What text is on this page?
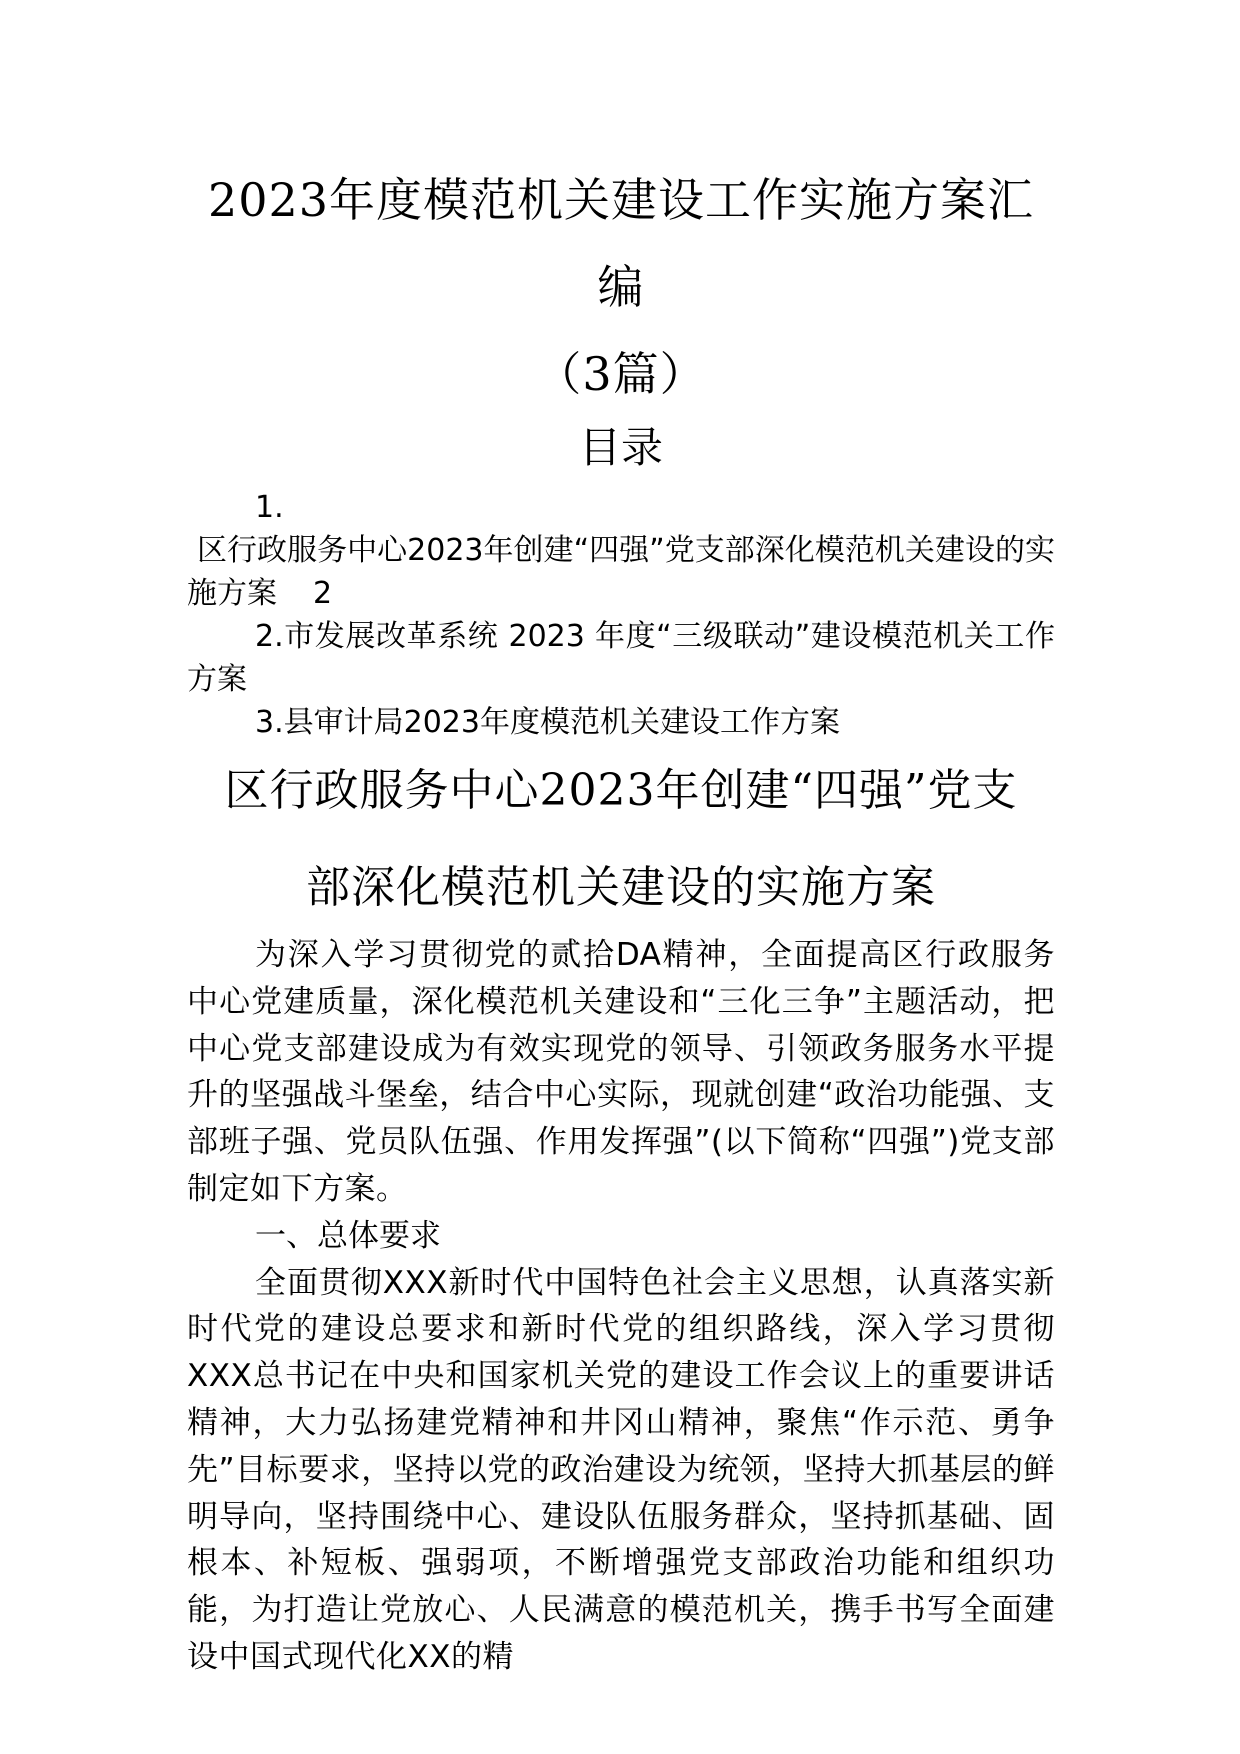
2023年度模范机关建设工作实施方案汇编

（3篇）

目录

1.

区行政服务中心2023年创建“四强”党支部深化模范机关建设的实施方案 2

2.市发展改革系统 2023 年度“三级联动”建设模范机关工作方案

3.县审计局2023年度模范机关建设工作方案

区行政服务中心2023年创建“四强”党支

部深化模范机关建设的实施方案

为深入学习贯彻党的贰拾DA精神，全面提高区行政服务中心党建质量，深化模范机关建设和“三化三争”主题活动，把中心党支部建设成为有效实现党的领导、引领政务服务水平提升的坚强战斗堡垒，结合中心实际，现就创建“政治功能强、支部班子强、党员队伍强、作用发挥强”(以下简称“四强”)党支部制定如下方案。

一、总体要求

全面贯彻XXX新时代中国特色社会主义思想，认真落实新时代党的建设总要求和新时代党的组织路线，深入学习贯彻XXX总书记在中央和国家机关党的建设工作会议上的重要讲话精神，大力弘扬建党精神和井冈山精神，聚焦“作示范、勇争先”目标要求，坚持以党的政治建设为统领，坚持大抓基层的鲜明导向，坚持围绕中心、建设队伍服务群众，坚持抓基础、固根本、补短板、强弱项，不断增强党支部政治功能和组织功能，为打造让党放心、人民满意的模范机关，携手书写全面建设中国式现代化XX的精
